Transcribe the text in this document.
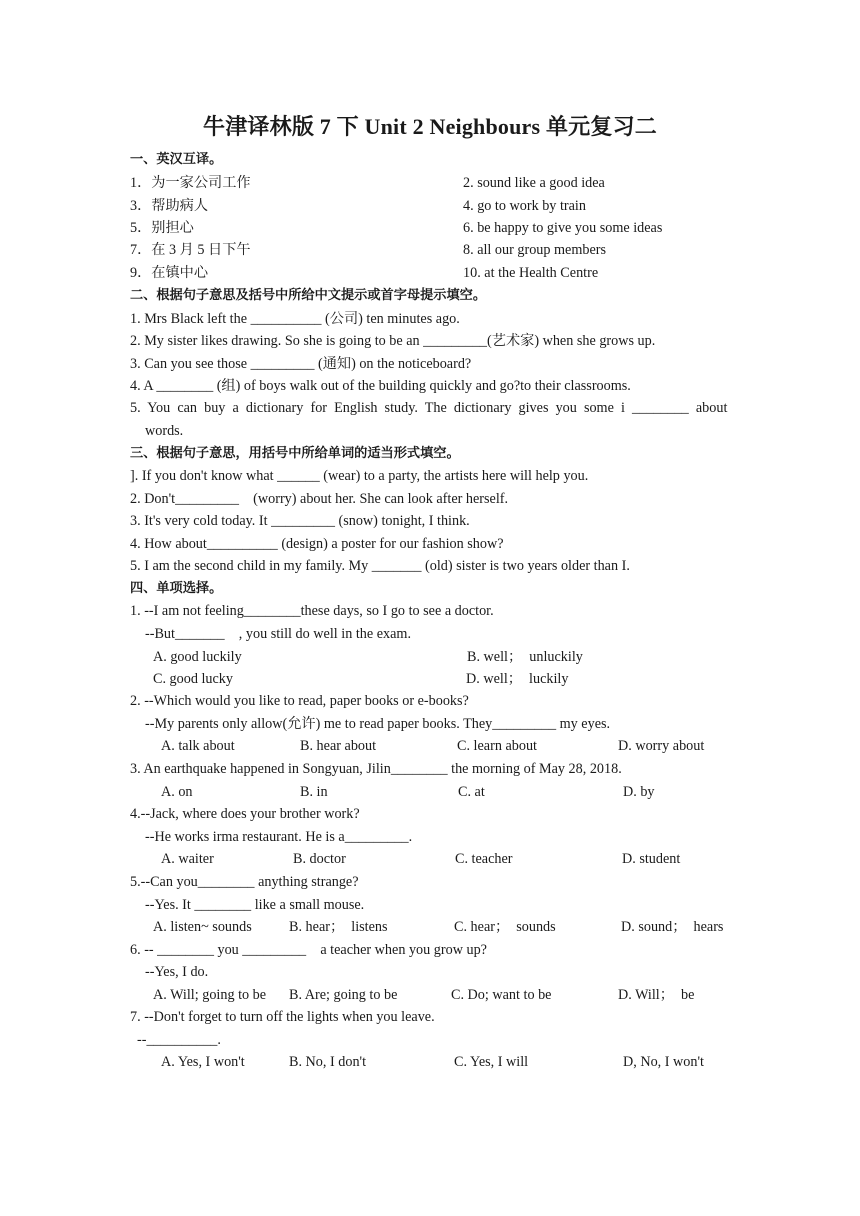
牛津译林版 7 下 Unit 2 Neighbours 单元复习二
一、英汉互译。
1．为一家公司工作	2. sound like a good idea
3．帮助病人	4. go to work by train
5．别担心	6. be happy to give you some ideas
7．在 3 月 5 日下午	8. all our group members
9．在镇中心	10. at the Health Centre
二、根据句子意思及括号中所给中文提示或首字母提示填空。
1. Mrs Black left the __________ (公司) ten minutes ago.
2. My sister likes drawing. So she is going to be an _________(艺术家) when she grows up.
3. Can you see those _________ (通知) on the noticeboard?
4. A ________ (组) of boys walk out of the building quickly and go?to their classrooms.
5.  You  can  buy  a  dictionary  for  English  study.  The  dictionary  gives  you  some  i  ________  about
words.
三、根据句子意思，用括号中所给单词的适当形式填空。
]. If you don't know what ______ (wear) to a party, the artists here will help you.
2. Don't_________    (worry) about her. She can look after herself.
3. It's very cold today. It _________ (snow) tonight, I think.
4. How about__________ (design) a poster for our fashion show?
5. I am the second child in my family. My _______ (old) sister is two years older than I.
四、单项选择。
1. --I am not feeling________these days, so I go to see a doctor.
--But_______    , you still do well in the exam.
A. good luckily	B. well；  unluckily
C. good lucky	D. well；  luckily
2. --Which would you like to read, paper books or e-books?
--My parents only allow(允许) me to read paper books. They_________ my eyes.
A. talk about	B. hear about	C. learn about	D. worry about
3. An earthquake happened in Songyuan, Jilin________ the morning of May 28, 2018.
A. on	B. in	C. at	D. by
4.--Jack, where does your brother work?
--He works irma restaurant. He is a_________.
A. waiter	B. doctor	C. teacher	D. student
5.--Can you________ anything strange?
--Yes. It ________ like a small mouse.
A. listen~ sounds	B. hear；  listens	C. hear；  sounds	D. sound；  hears
6. -- ________ you _________    a teacher when you grow up?
--Yes, I do.
A. Will; going to be B. Are; going to be	C. Do; want to be	D. Will；  be
7. --Don't forget to turn off the lights when you leave.
--__________.
A. Yes, I won't	B. No, I don't	C. Yes, I will	D, No, I won't
